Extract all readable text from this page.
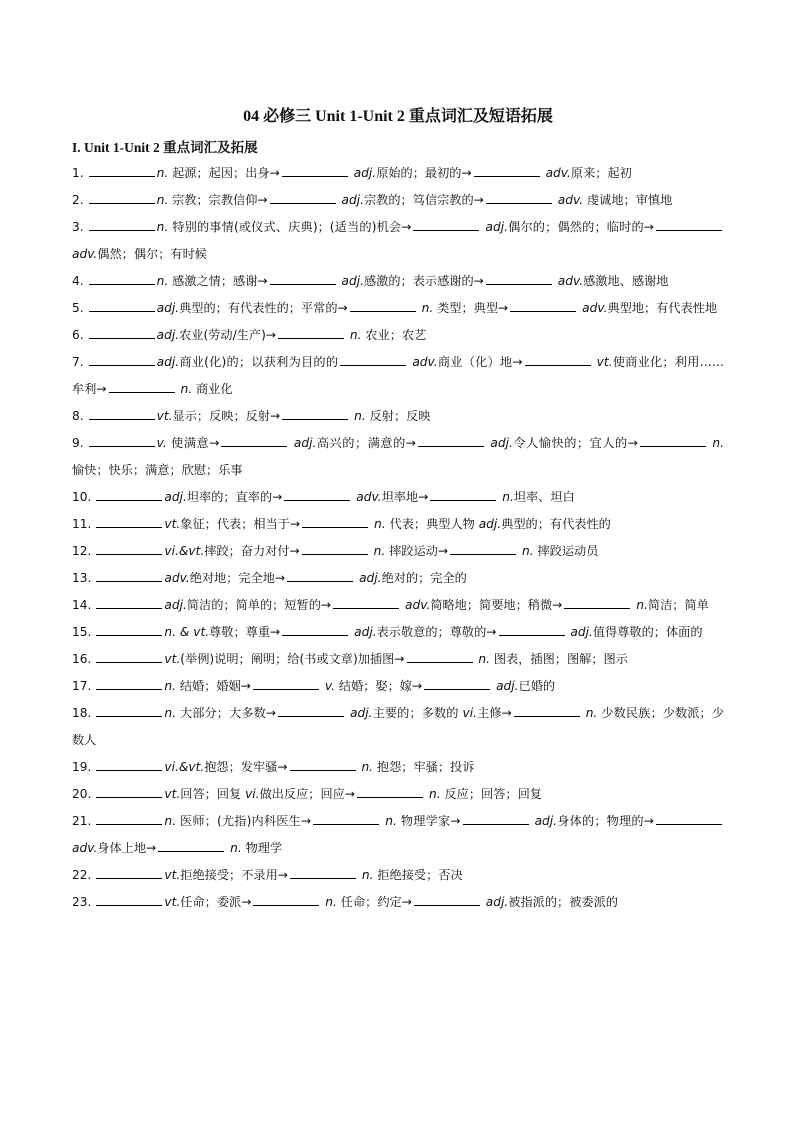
04 必修三 Unit 1-Unit 2 重点词汇及短语拓展
I. Unit 1-Unit 2 重点词汇及拓展
1.	n. 起源；起因；出身→	adj.原始的；最初的→	adv.原来；起初
2.	n. 宗教；宗教信仰→	adj.宗教的；笃信宗教的→	adv. 虔诚地；审慎地
3.	n. 特别的事情(或仪式、庆典)；(适当的)机会→	adj.偶尔的；偶然的；临时的→ adv.偶然；偶尔；有时候
4.	n. 感激之情；感谢→	adj.感激的；表示感谢的→	adv.感激地、感谢地
5.	adj.典型的；有代表性的；平常的→	n. 类型；典型→	adv.典型地；有代表性地
6.	adj.农业(劳动/生产)→	n. 农业；农艺
7.	adj.商业(化)的；以获利为目的的	adv.商业（化）地→	vt.使商业化；利用……牟利→	n. 商业化
8.	vt.显示；反映；反射→	n. 反射；反映
9.	v. 使满意→	adj.高兴的；满意的→	adj.令人愉快的；宜人的→	n. 愉快；快乐；满意；欣慰；乐事
10.	adj.坦率的；直率的→	adv.坦率地→	n.坦率、坦白
11.	vt.象征；代表；相当于→	n. 代表；典型人物 adj.典型的；有代表性的
12.	vi.&vt.摔跤；奋力对付→	n. 摔跤运动→	n. 摔跤运动员
13.	adv.绝对地；完全地→	adj.绝对的；完全的
14.	adj.简洁的；简单的；短暂的→	adv.简略地；简要地；稍微→	n.简洁；简单
15.	n. & vt.尊敬；尊重→	adj.表示敬意的；尊敬的→	adj.值得尊敬的；体面的
16.	vt.(举例)说明；阐明；给(书或文章)加插图→	n. 图表，插图；图解；图示
17.	n. 结婚；婚姻→	v. 结婚；娶；嫁→	adj.已婚的
18.	n. 大部分；大多数→	adj.主要的；多数的 vi.主修→	n. 少数民族；少数派；少数人
19.	vi.&vt.抱怨；发牢骚→	n. 抱怨；牢骚；投诉
20.	vt.回答；回复 vi.做出反应；回应→	n. 反应；回答；回复
21.	n. 医师；(尤指)内科医生→	n. 物理学家→	adj.身体的；物理的→ adv.身体上地→	n. 物理学
22.	vt.拒绝接受；不录用→	n. 拒绝接受；否决
23.	vt.任命；委派→	n. 任命；约定→	adj.被指派的；被委派的
